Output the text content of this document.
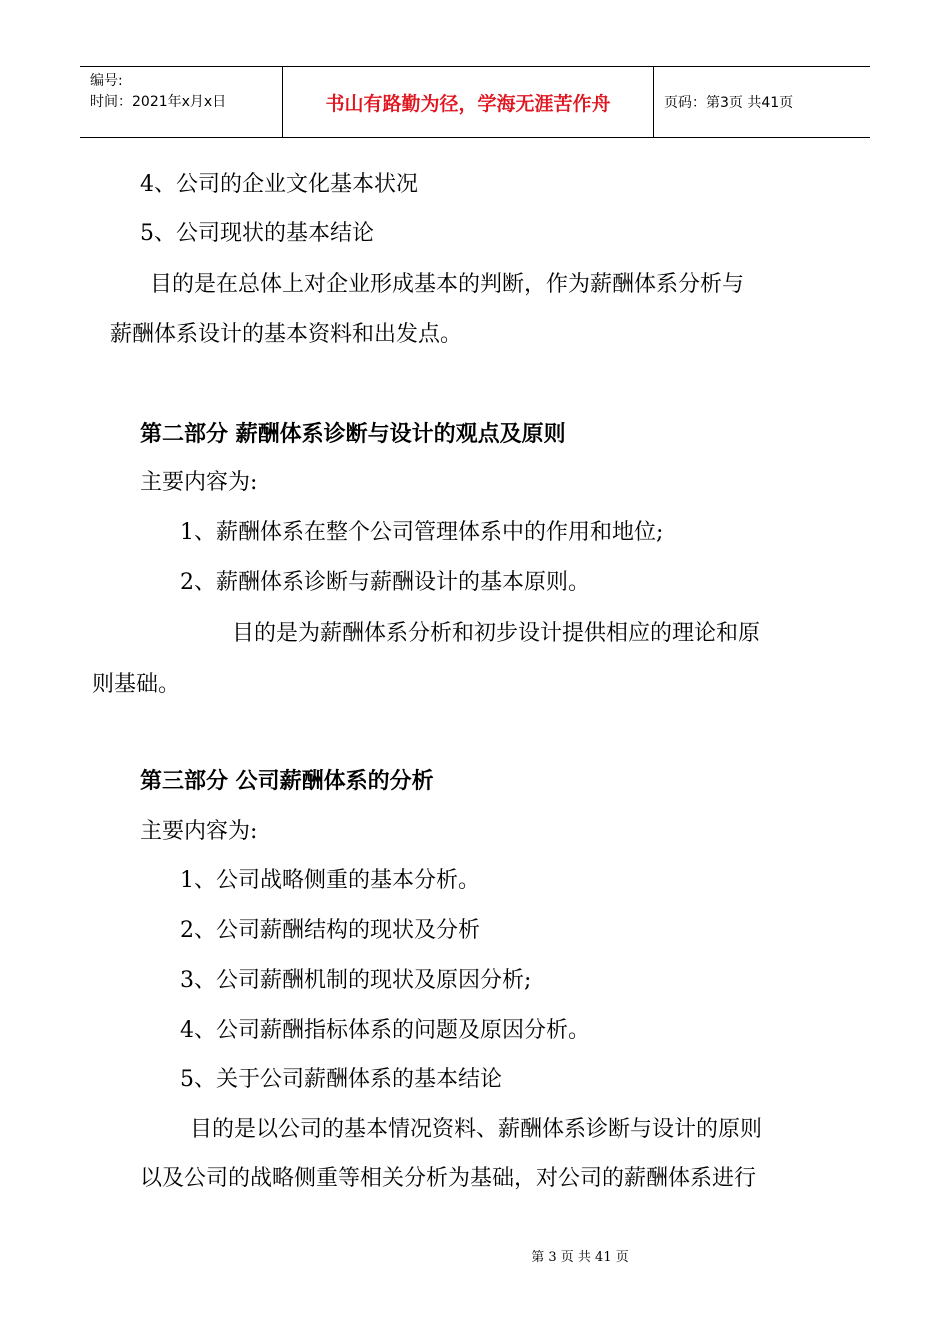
编号:
时间：2021年x月x日	书山有路勤为径，学海无涯苦作舟	页码：第3页 共41页
4、公司的企业文化基本状况
5、公司现状的基本结论
目的是在总体上对企业形成基本的判断，作为薪酬体系分析与
薪酬体系设计的基本资料和出发点。
第二部分 薪酬体系诊断与设计的观点及原则
主要内容为:
1、薪酬体系在整个公司管理体系中的作用和地位;
2、薪酬体系诊断与薪酬设计的基本原则。
目的是为薪酬体系分析和初步设计提供相应的理论和原
则基础。
第三部分 公司薪酬体系的分析
主要内容为:
1、公司战略侧重的基本分析。
2、公司薪酬结构的现状及分析
3、公司薪酬机制的现状及原因分析;
4、公司薪酬指标体系的问题及原因分析。
5、关于公司薪酬体系的基本结论
目的是以公司的基本情况资料、薪酬体系诊断与设计的原则
以及公司的战略侧重等相关分析为基础，对公司的薪酬体系进行
第 3 页 共 41 页
